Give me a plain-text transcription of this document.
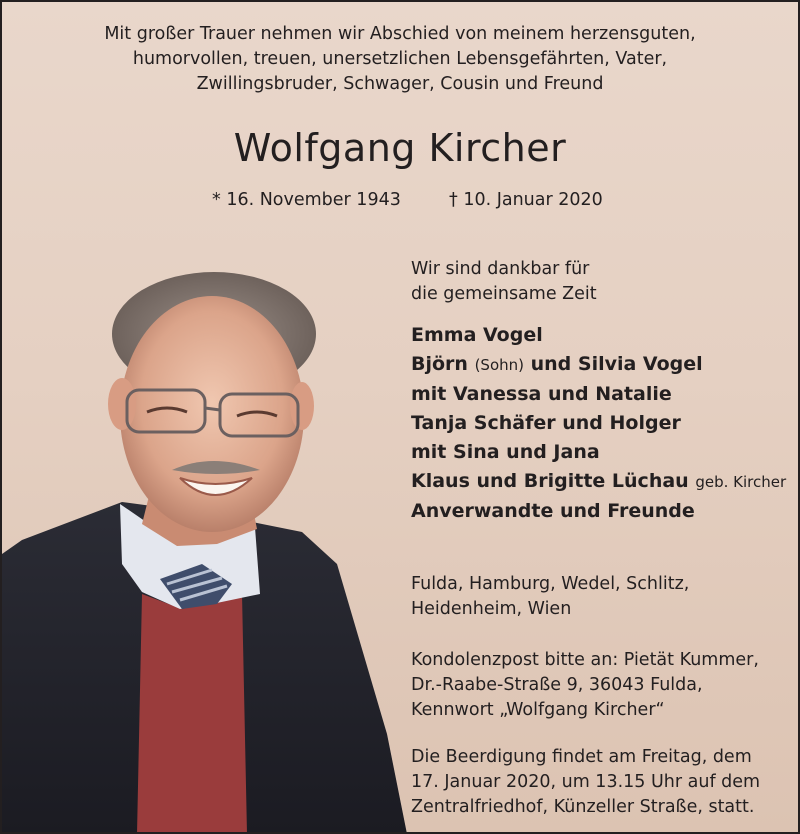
Mit großer Trauer nehmen wir Abschied von meinem herzensguten,
humorvollen, treuen, unersetzlichen Lebensgefährten, Vater,
Zwillingsbruder, Schwager, Cousin und Freund
Wolfgang Kircher
* 16. November 1943	† 10. Januar 2020
Wir sind dankbar für
die gemeinsame Zeit
Emma Vogel
Björn (Sohn) und Silvia Vogel
mit Vanessa und Natalie
Tanja Schäfer und Holger
mit Sina und Jana
Klaus und Brigitte Lüchau geb. Kircher
Anverwandte und Freunde
Fulda, Hamburg, Wedel, Schlitz,
Heidenheim, Wien
Kondolenzpost bitte an: Pietät Kummer,
Dr.-Raabe-Straße 9, 36043 Fulda,
Kennwort „Wolfgang Kircher“
Die Beerdigung findet am Freitag, dem
17. Januar 2020, um 13.15 Uhr auf dem
Zentralfriedhof, Künzeller Straße, statt.
